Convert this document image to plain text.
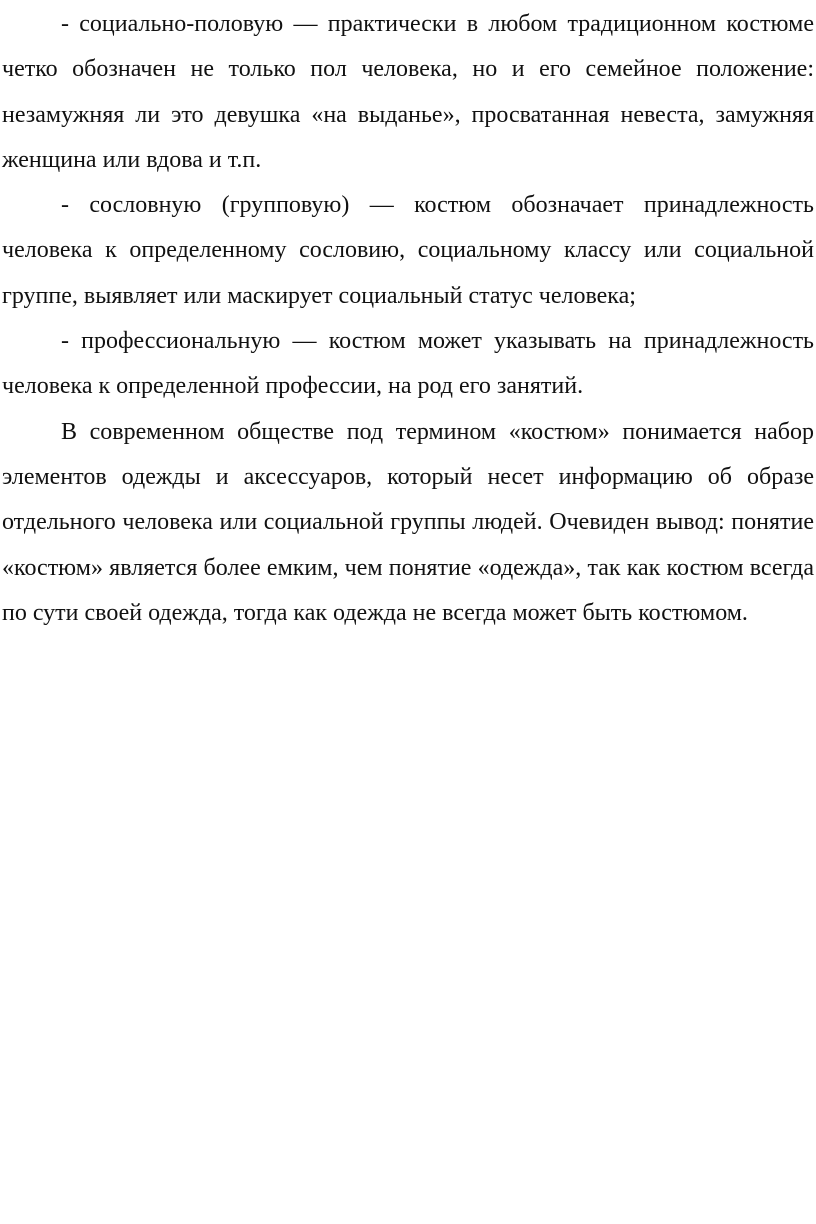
- социально-половую — практически в любом традиционном костюме четко обозначен не только пол человека, но и его семейное положение: незамужняя ли это девушка «на выданье», просватанная невеста, замужняя женщина или вдова и т.п.

- сословную (групповую) — костюм обозначает принадлежность человека к определенному сословию, социальному классу или социальной группе, выявляет или маскирует социальный статус человека;

- профессиональную — костюм может указывать на принадлежность человека к определенной профессии, на род его занятий.

В современном обществе под термином «костюм» понимается набор элементов одежды и аксессуаров, который несет информацию об образе отдельного человека или социальной группы людей. Очевиден вывод: понятие «костюм» является более емким, чем понятие «одежда», так как костюм всегда по сути своей одежда, тогда как одежда не всегда может быть костюмом.
